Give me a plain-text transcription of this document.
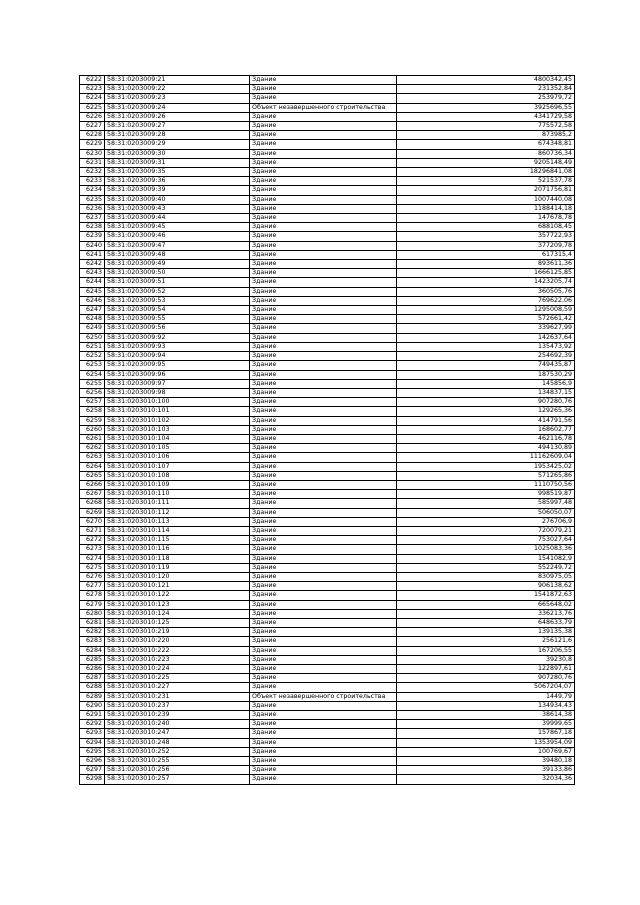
6222	58:31:0203009:21	Здание	4800342,45
6223	58:31:0203009:22	Здание	231352,84
6224	58:31:0203009:23	Здание	253979,72
6225	58:31:0203009:24	Объект незавершенного строительства	3925696,55
6226	58:31:0203009:26	Здание	4341729,58
6227	58:31:0203009:27	Здание	775572,58
6228	58:31:0203009:28	Здание	873985,2
6229	58:31:0203009:29	Здание	674348,81
6230	58:31:0203009:30	Здание	860736,34
6231	58:31:0203009:31	Здание	9205148,49
6232	58:31:0203009:35	Здание	18296841,08
6233	58:31:0203009:36	Здание	521537,78
6234	58:31:0203009:39	Здание	2071756,81
6235	58:31:0203009:40	Здание	1007440,08
6236	58:31:0203009:43	Здание	1188414,18
6237	58:31:0203009:44	Здание	147678,78
6238	58:31:0203009:45	Здание	688108,45
6239	58:31:0203009:46	Здание	357722,93
6240	58:31:0203009:47	Здание	377209,78
6241	58:31:0203009:48	Здание	617315,4
6242	58:31:0203009:49	Здание	893611,36
6243	58:31:0203009:50	Здание	1666125,85
6244	58:31:0203009:51	Здание	1423205,74
6245	58:31:0203009:52	Здание	360505,76
6246	58:31:0203009:53	Здание	769622,06
6247	58:31:0203009:54	Здание	1295008,59
6248	58:31:0203009:55	Здание	572661,42
6249	58:31:0203009:56	Здание	339627,99
6250	58:31:0203009:92	Здание	142637,64
6251	58:31:0203009:93	Здание	135473,92
6252	58:31:0203009:94	Здание	254692,39
6253	58:31:0203009:95	Здание	749435,87
6254	58:31:0203009:96	Здание	187530,29
6255	58:31:0203009:97	Здание	145856,9
6256	58:31:0203009:98	Здание	134837,15
6257	58:31:0203010:100	Здание	907280,76
6258	58:31:0203010:101	Здание	129265,36
6259	58:31:0203010:102	Здание	414791,56
6260	58:31:0203010:103	Здание	168602,77
6261	58:31:0203010:104	Здание	462116,78
6262	58:31:0203010:105	Здание	494130,89
6263	58:31:0203010:106	Здание	11162609,04
6264	58:31:0203010:107	Здание	1953425,02
6265	58:31:0203010:108	Здание	571265,86
6266	58:31:0203010:109	Здание	1110750,56
6267	58:31:0203010:110	Здание	998519,87
6268	58:31:0203010:111	Здание	585997,48
6269	58:31:0203010:112	Здание	506050,07
6270	58:31:0203010:113	Здание	276706,9
6271	58:31:0203010:114	Здание	720079,21
6272	58:31:0203010:115	Здание	753027,64
6273	58:31:0203010:116	Здание	1025083,36
6274	58:31:0203010:118	Здание	1541082,9
6275	58:31:0203010:119	Здание	552249,72
6276	58:31:0203010:120	Здание	830975,05
6277	58:31:0203010:121	Здание	906138,62
6278	58:31:0203010:122	Здание	1541872,63
6279	58:31:0203010:123	Здание	665648,02
6280	58:31:0203010:124	Здание	336213,76
6281	58:31:0203010:125	Здание	648633,79
6282	58:31:0203010:219	Здание	139135,38
6283	58:31:0203010:220	Здание	256121,6
6284	58:31:0203010:222	Здание	167206,55
6285	58:31:0203010:223	Здание	39230,8
6286	58:31:0203010:224	Здание	122897,61
6287	58:31:0203010:225	Здание	907280,76
6288	58:31:0203010:227	Здание	5067204,07
6289	58:31:0203010:231	Объект незавершенного строительства	1449,79
6290	58:31:0203010:237	Здание	134934,43
6291	58:31:0203010:239	Здание	38614,38
6292	58:31:0203010:240	Здание	39999,65
6293	58:31:0203010:247	Здание	157867,18
6294	58:31:0203010:248	Здание	1353954,09
6295	58:31:0203010:252	Здание	100769,67
6296	58:31:0203010:255	Здание	39480,18
6297	58:31:0203010:256	Здание	39133,86
6298	58:31:0203010:257	Здание	32034,36
